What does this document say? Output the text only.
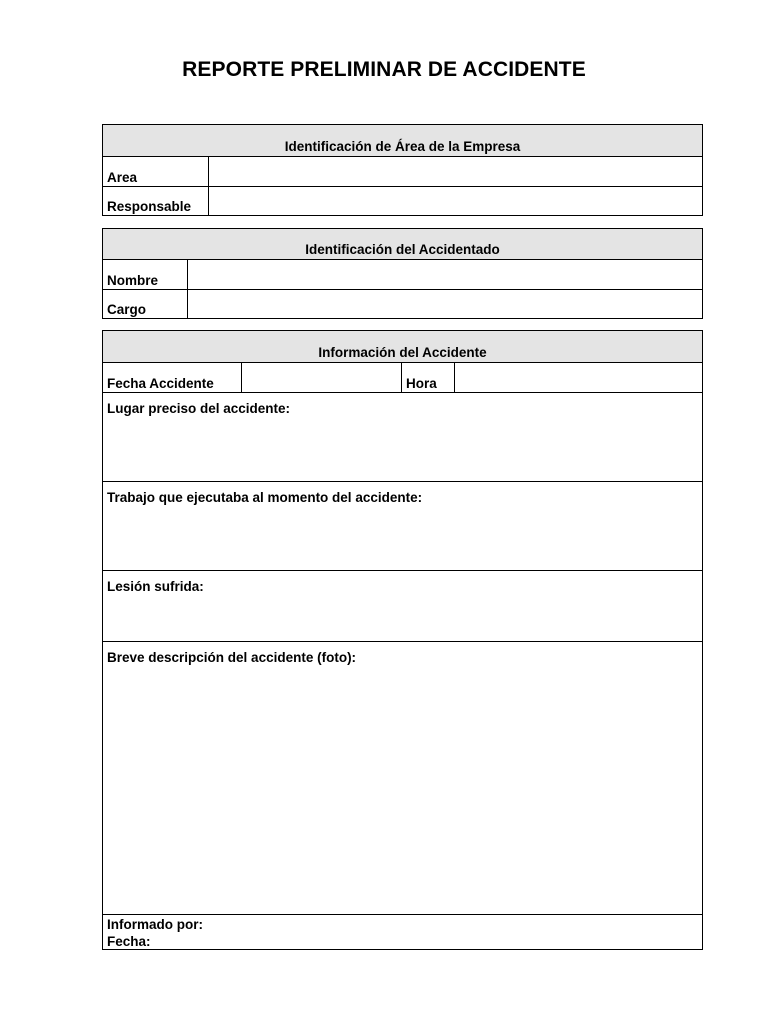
REPORTE PRELIMINAR DE ACCIDENTE
Identificación de Área de la Empresa
Area
Responsable
Identificación del Accidentado
Nombre
Cargo
Información del Accidente
Fecha Accidente	Hora
Lugar preciso del accidente:
Trabajo que ejecutaba al momento del accidente:
Lesión sufrida:
Breve descripción del accidente (foto):
Informado por:
Fecha:
